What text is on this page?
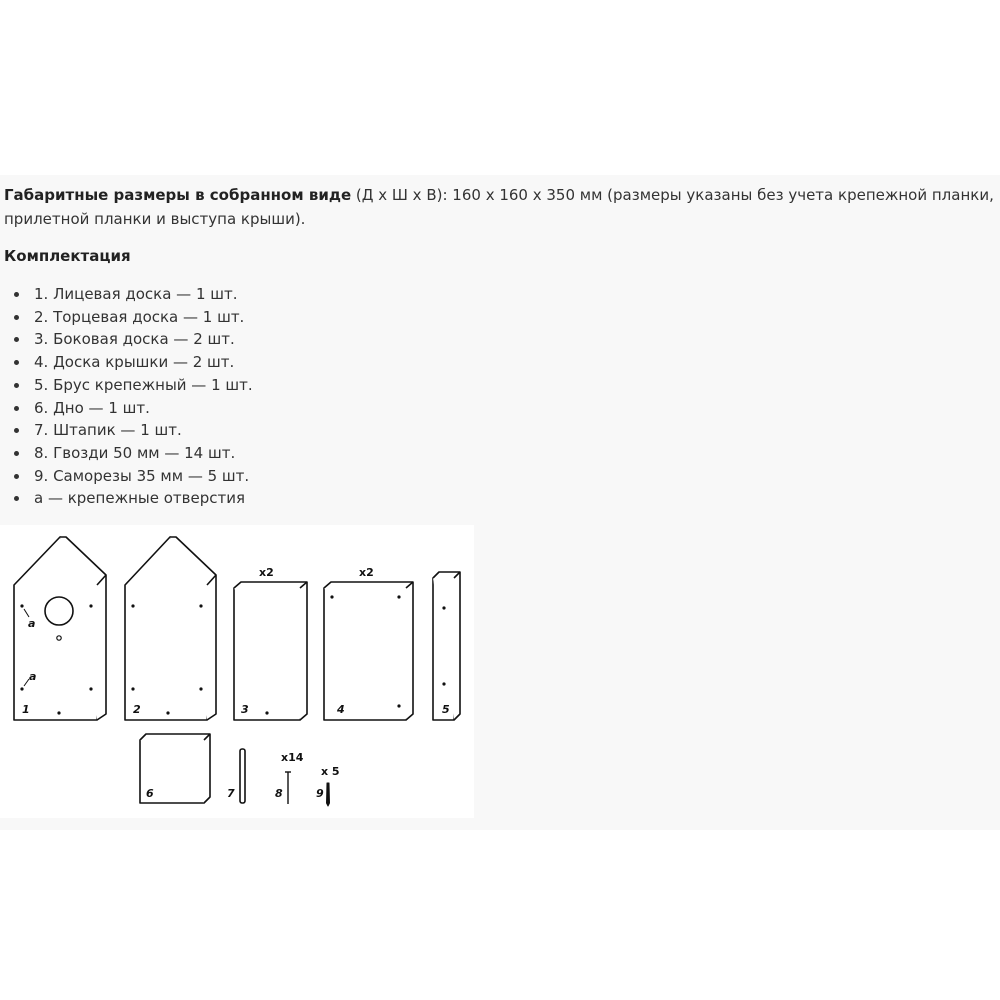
Габаритные размеры в собранном виде (Д х Ш х В): 160 х 160 х 350 мм (размеры указаны без учета крепежной планки, прилетной планки и выступа крыши).

Комплектация
1. Лицевая доска — 1 шт.
2. Торцевая доска — 1 шт.
3. Боковая доска — 2 шт.
4. Доска крышки — 2 шт.
5. Брус крепежный — 1 шт.
6. Дно — 1 шт.
7. Штапик — 1 шт.
8. Гвозди 50 мм — 14 шт.
9. Саморезы 35 мм — 5 шт.
а — крепежные отверстия
a
a
1	2
x2
3
x2
4	5
6	7
x14
8
x 5
9
